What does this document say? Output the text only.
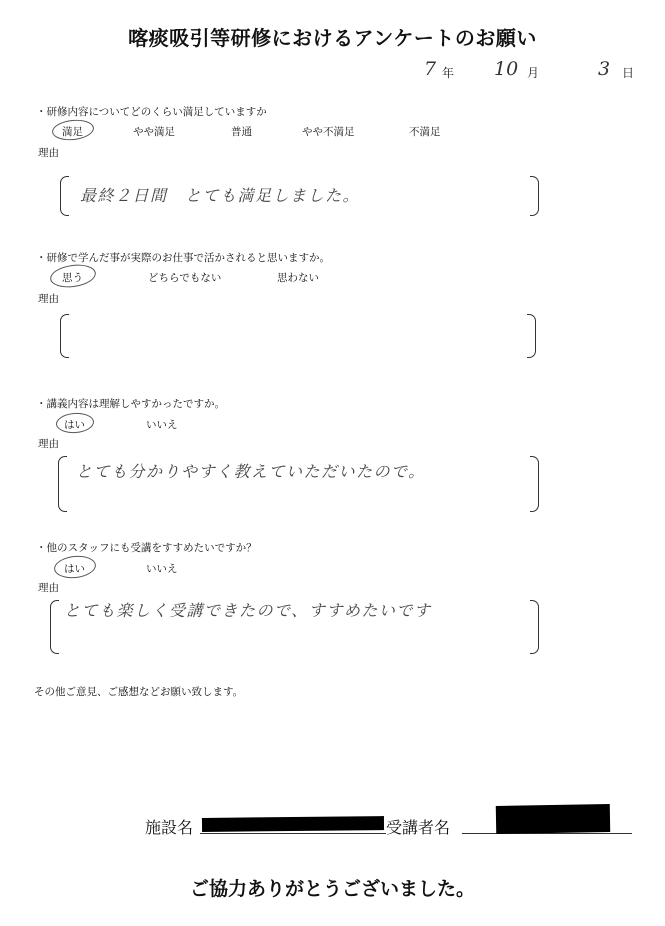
喀痰吸引等研修におけるアンケートのお願い
7 年 10 月	3 日
・研修内容についてどのくらい満足していますか
満足	やや満足	普通	やや不満足	不満足
理由
最終２日間　とても満足しました。
・研修で学んだ事が実際のお仕事で活かされると思いますか。
思う	どちらでもない	思わない
理由
・講義内容は理解しやすかったですか。
はい	いいえ
理由
とても分かりやすく教えていただいたので。
・他のスタッフにも受講をすすめたいですか？
はい	いいえ
理由
とても楽しく受講できたので、すすめたいです
その他ご意見、ご感想などお願い致します。
施設名	受講者名
ご協力ありがとうございました。
